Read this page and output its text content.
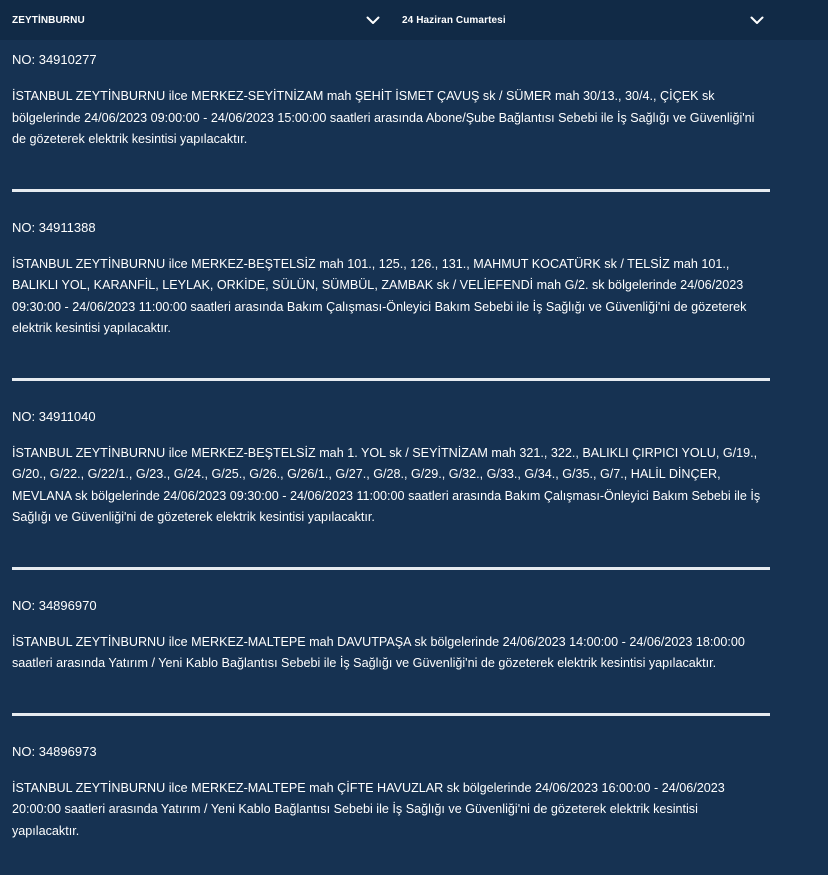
ZEYTİNBURNU	24 Haziran Cumartesi
NO: 34910277
İSTANBUL ZEYTİNBURNU ilce MERKEZ-SEYİTNİZAM mah ŞEHİT İSMET ÇAVUŞ sk / SÜMER mah 30/13., 30/4., ÇİÇEK sk bölgelerinde 24/06/2023 09:00:00 - 24/06/2023 15:00:00 saatleri arasında Abone/Şube Bağlantısı Sebebi ile İş Sağlığı ve Güvenliği'ni de gözeterek elektrik kesintisi yapılacaktır.
NO: 34911388
İSTANBUL ZEYTİNBURNU ilce MERKEZ-BEŞTELSİZ mah 101., 125., 126., 131., MAHMUT KOCATÜRK sk / TELSİZ mah 101., BALIKLI YOL, KARANFİL, LEYLAK, ORKİDE, SÜLÜN, SÜMBÜL, ZAMBAK sk / VELİEFENDİ mah G/2. sk bölgelerinde 24/06/2023 09:30:00 - 24/06/2023 11:00:00 saatleri arasında Bakım Çalışması-Önleyici Bakım Sebebi ile İş Sağlığı ve Güvenliği'ni de gözeterek elektrik kesintisi yapılacaktır.
NO: 34911040
İSTANBUL ZEYTİNBURNU ilce MERKEZ-BEŞTELSİZ mah 1. YOL sk / SEYİTNİZAM mah 321., 322., BALIKLI ÇIRPICI YOLU, G/19., G/20., G/22., G/22/1., G/23., G/24., G/25., G/26., G/26/1., G/27., G/28., G/29., G/32., G/33., G/34., G/35., G/7., HALİL DİNÇER, MEVLANA sk bölgelerinde 24/06/2023 09:30:00 - 24/06/2023 11:00:00 saatleri arasında Bakım Çalışması-Önleyici Bakım Sebebi ile İş Sağlığı ve Güvenliği'ni de gözeterek elektrik kesintisi yapılacaktır.
NO: 34896970
İSTANBUL ZEYTİNBURNU ilce MERKEZ-MALTEPE mah DAVUTPAŞA sk bölgelerinde 24/06/2023 14:00:00 - 24/06/2023 18:00:00 saatleri arasında Yatırım / Yeni Kablo Bağlantısı Sebebi ile İş Sağlığı ve Güvenliği'ni de gözeterek elektrik kesintisi yapılacaktır.
NO: 34896973
İSTANBUL ZEYTİNBURNU ilce MERKEZ-MALTEPE mah ÇİFTE HAVUZLAR sk bölgelerinde 24/06/2023 16:00:00 - 24/06/2023 20:00:00 saatleri arasında Yatırım / Yeni Kablo Bağlantısı Sebebi ile İş Sağlığı ve Güvenliği'ni de gözeterek elektrik kesintisi yapılacaktır.
